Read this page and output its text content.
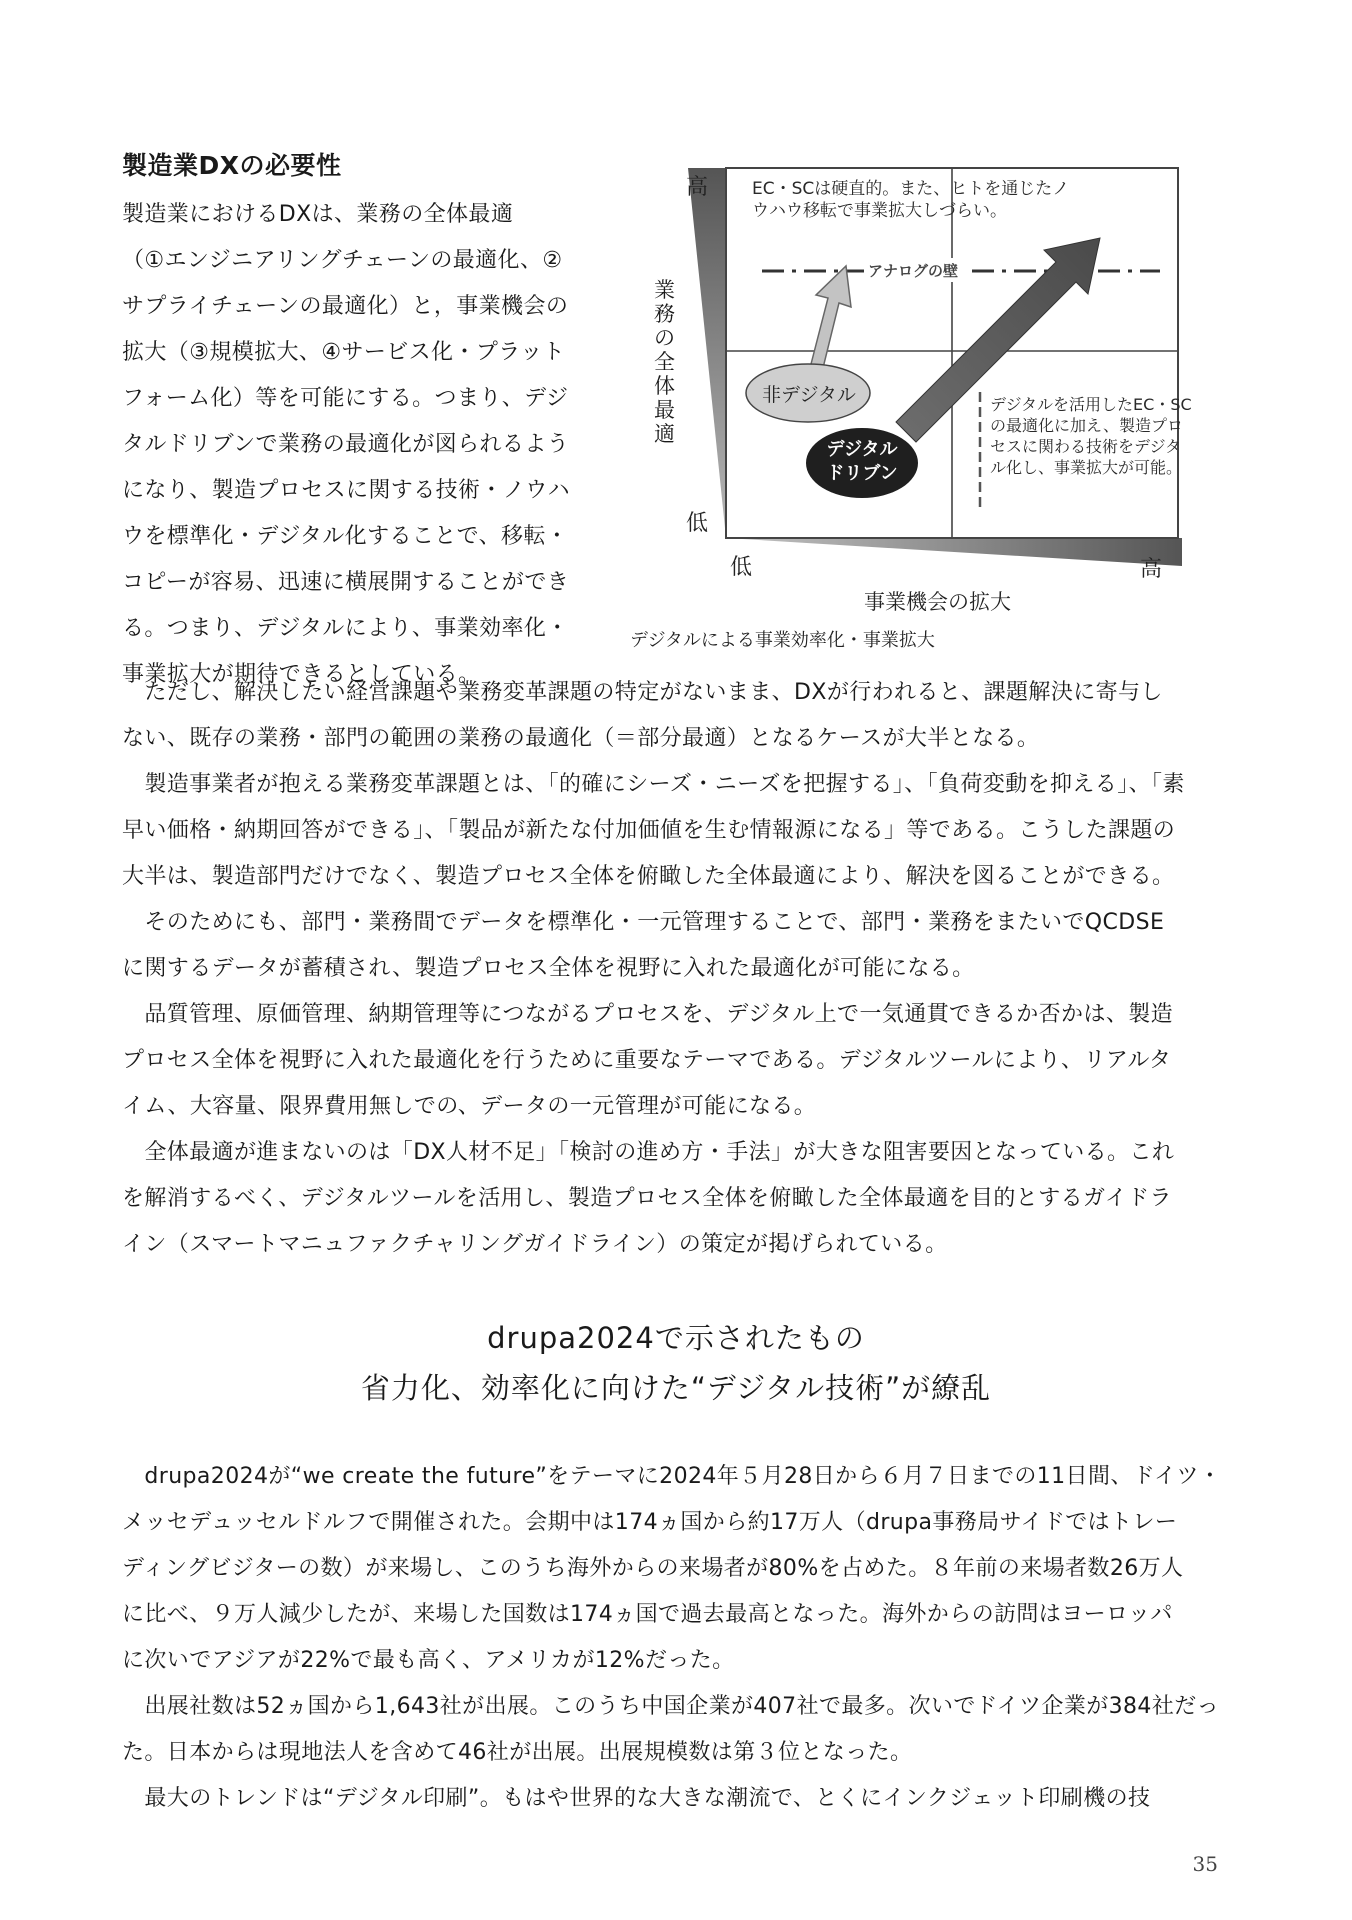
製造業DXの必要性
製造業におけるDXは、業務の全体最適
（①エンジニアリングチェーンの最適化、②
サプライチェーンの最適化）と，事業機会の
拡大（③規模拡大、④サービス化・プラット
フォーム化）等を可能にする。つまり、デジ
タルドリブンで業務の最適化が図られるよう
になり、製造プロセスに関する技術・ノウハ
ウを標準化・デジタル化することで、移転・
コピーが容易、迅速に横展開することができ
る。つまり、デジタルにより、事業効率化・
事業拡大が期待できるとしている。
高
低
業務の全体最適
低	高
事業機会の拡大
デジタルによる事業効率化・事業拡大
EC・SCは硬直的。また、ヒトを通じたノ
ウハウ移転で事業拡大しづらい。
アナログの壁
非デジタル
デジタル
ドリブン
デジタルを活用したEC・SC
の最適化に加え、製造プロ
セスに関わる技術をデジタ
ル化し、事業拡大が可能。
　ただし、解決したい経営課題や業務変革課題の特定がないまま、DXが行われると、課題解決に寄与し
ない、既存の業務・部門の範囲の業務の最適化（＝部分最適）となるケースが大半となる。
　製造事業者が抱える業務変革課題とは、「的確にシーズ・ニーズを把握する」、「負荷変動を抑える」、「素
早い価格・納期回答ができる」、「製品が新たな付加価値を生む情報源になる」等である。こうした課題の
大半は、製造部門だけでなく、製造プロセス全体を俯瞰した全体最適により、解決を図ることができる。
　そのためにも、部門・業務間でデータを標準化・一元管理することで、部門・業務をまたいでQCDSE
に関するデータが蓄積され、製造プロセス全体を視野に入れた最適化が可能になる。
　品質管理、原価管理、納期管理等につながるプロセスを、デジタル上で一気通貫できるか否かは、製造
プロセス全体を視野に入れた最適化を行うために重要なテーマである。デジタルツールにより、リアルタ
イム、大容量、限界費用無しでの、データの一元管理が可能になる。
　全体最適が進まないのは「DX人材不足」「検討の進め方・手法」が大きな阻害要因となっている。これ
を解消するべく、デジタルツールを活用し、製造プロセス全体を俯瞰した全体最適を目的とするガイドラ
イン（スマートマニュファクチャリングガイドライン）の策定が掲げられている。
drupa2024で示されたもの
省力化、効率化に向けた“デジタル技術”が繚乱
　drupa2024が“we create the future”をテーマに2024年５月28日から６月７日までの11日間、ドイツ・
メッセデュッセルドルフで開催された。会期中は174ヵ国から約17万人（drupa事務局サイドではトレー
ディングビジターの数）が来場し、このうち海外からの来場者が80%を占めた。８年前の来場者数26万人
に比べ、９万人減少したが、来場した国数は174ヵ国で過去最高となった。海外からの訪問はヨーロッパ
に次いでアジアが22%で最も高く、アメリカが12%だった。
　出展社数は52ヵ国から1,643社が出展。このうち中国企業が407社で最多。次いでドイツ企業が384社だっ
た。日本からは現地法人を含めて46社が出展。出展規模数は第３位となった。
　最大のトレンドは“デジタル印刷”。もはや世界的な大きな潮流で、とくにインクジェット印刷機の技
35
